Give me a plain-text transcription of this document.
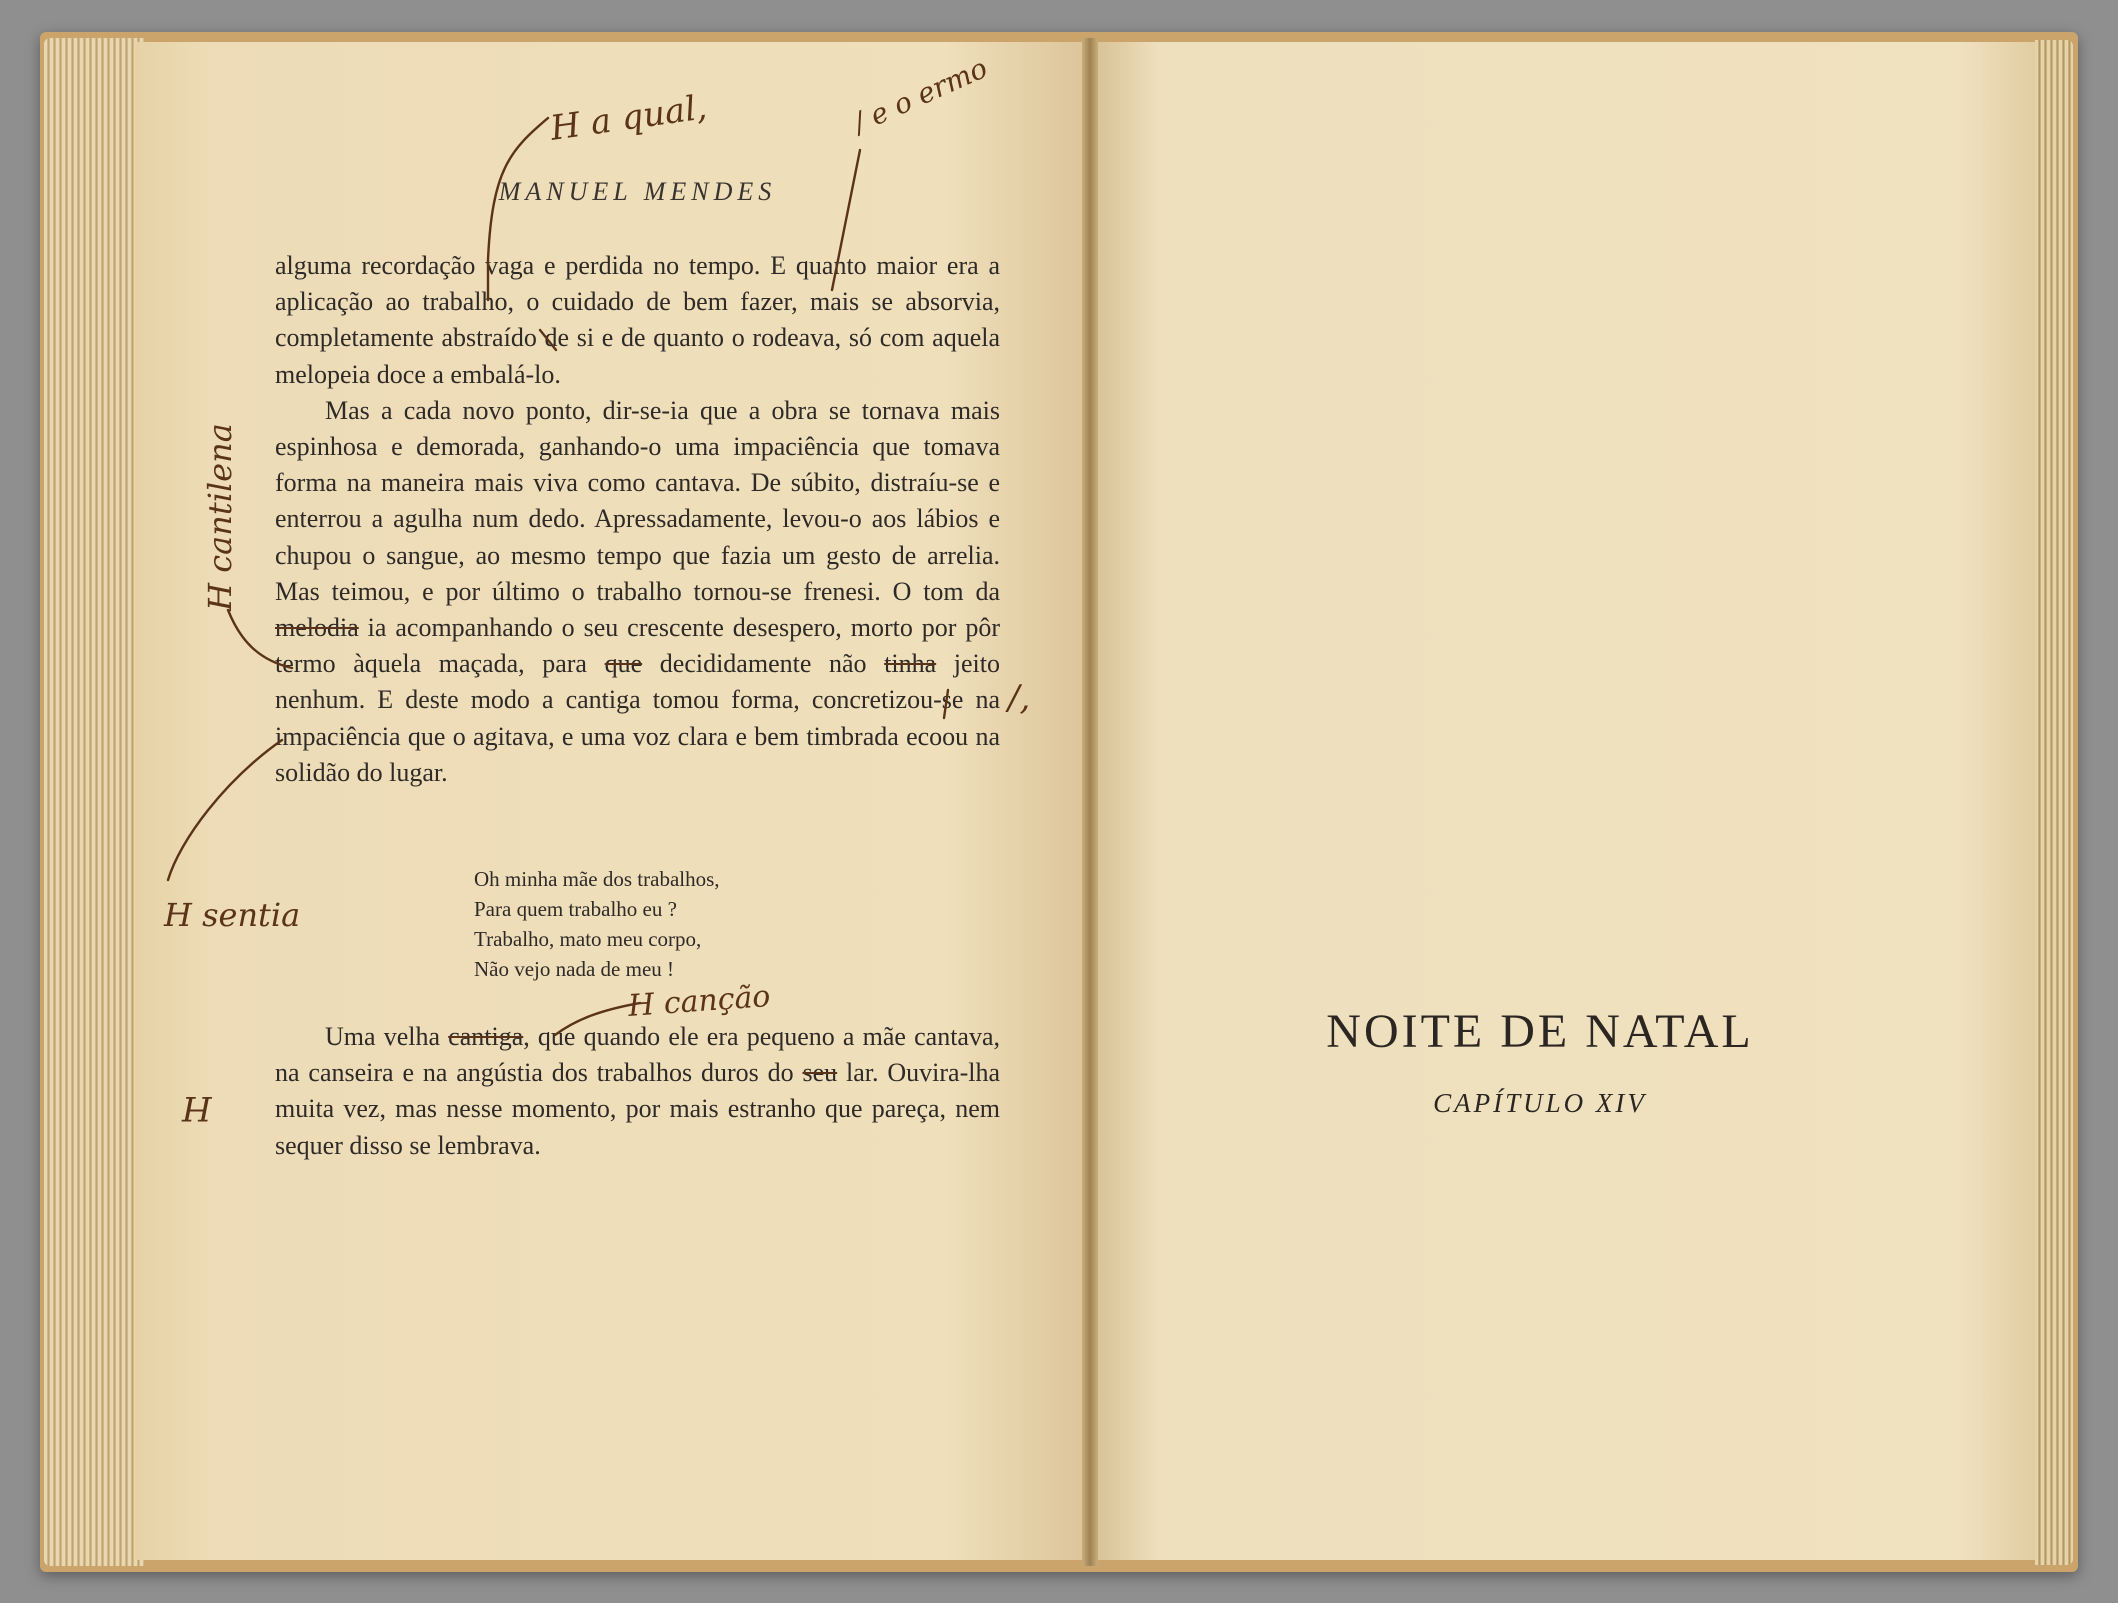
MANUEL MENDES

alguma recordação vaga e perdida no tempo. E quanto maior era a aplicação ao trabalho, o cuidado de bem fazer, mais se absorvia, completamente abstraído de si e de quanto o rodeava, só com aquela melopeia doce a embalá-lo.

Mas a cada novo ponto, dir-se-ia que a obra se tornava mais espinhosa e demorada, ganhando-o uma impaciência que tomava forma na maneira mais viva como cantava. De súbito, distraíu-se e enterrou a agulha num dedo. Apressadamente, levou-o aos lábios e chupou o sangue, ao mesmo tempo que fazia um gesto de arrelia. Mas teimou, e por último o trabalho tornou-se frenesi. O tom da melodia ia acompanhando o seu crescente desespero, morto por pôr termo àquela maçada, para que decididamente não tinha jeito nenhum. E deste modo a cantiga tomou forma, concretizou-se na impaciência que o agitava, e uma voz clara e bem timbrada ecoou na solidão do lugar.

Oh minha mãe dos trabalhos,
Para quem trabalho eu ?
Trabalho, mato meu corpo,
Não vejo nada de meu !

Uma velha cantiga, que quando ele era pequeno a mãe cantava, na canseira e na angústia dos trabalhos duros do seu lar. Ouvira-lha muita vez, mas nesse momento, por mais estranho que pareça, nem sequer disso se lembrava.

H a qual,	/ e o ermo
H cantilena
H sentia
H canção
H
/,
NOITE DE NATAL
CAPÍTULO XIV
